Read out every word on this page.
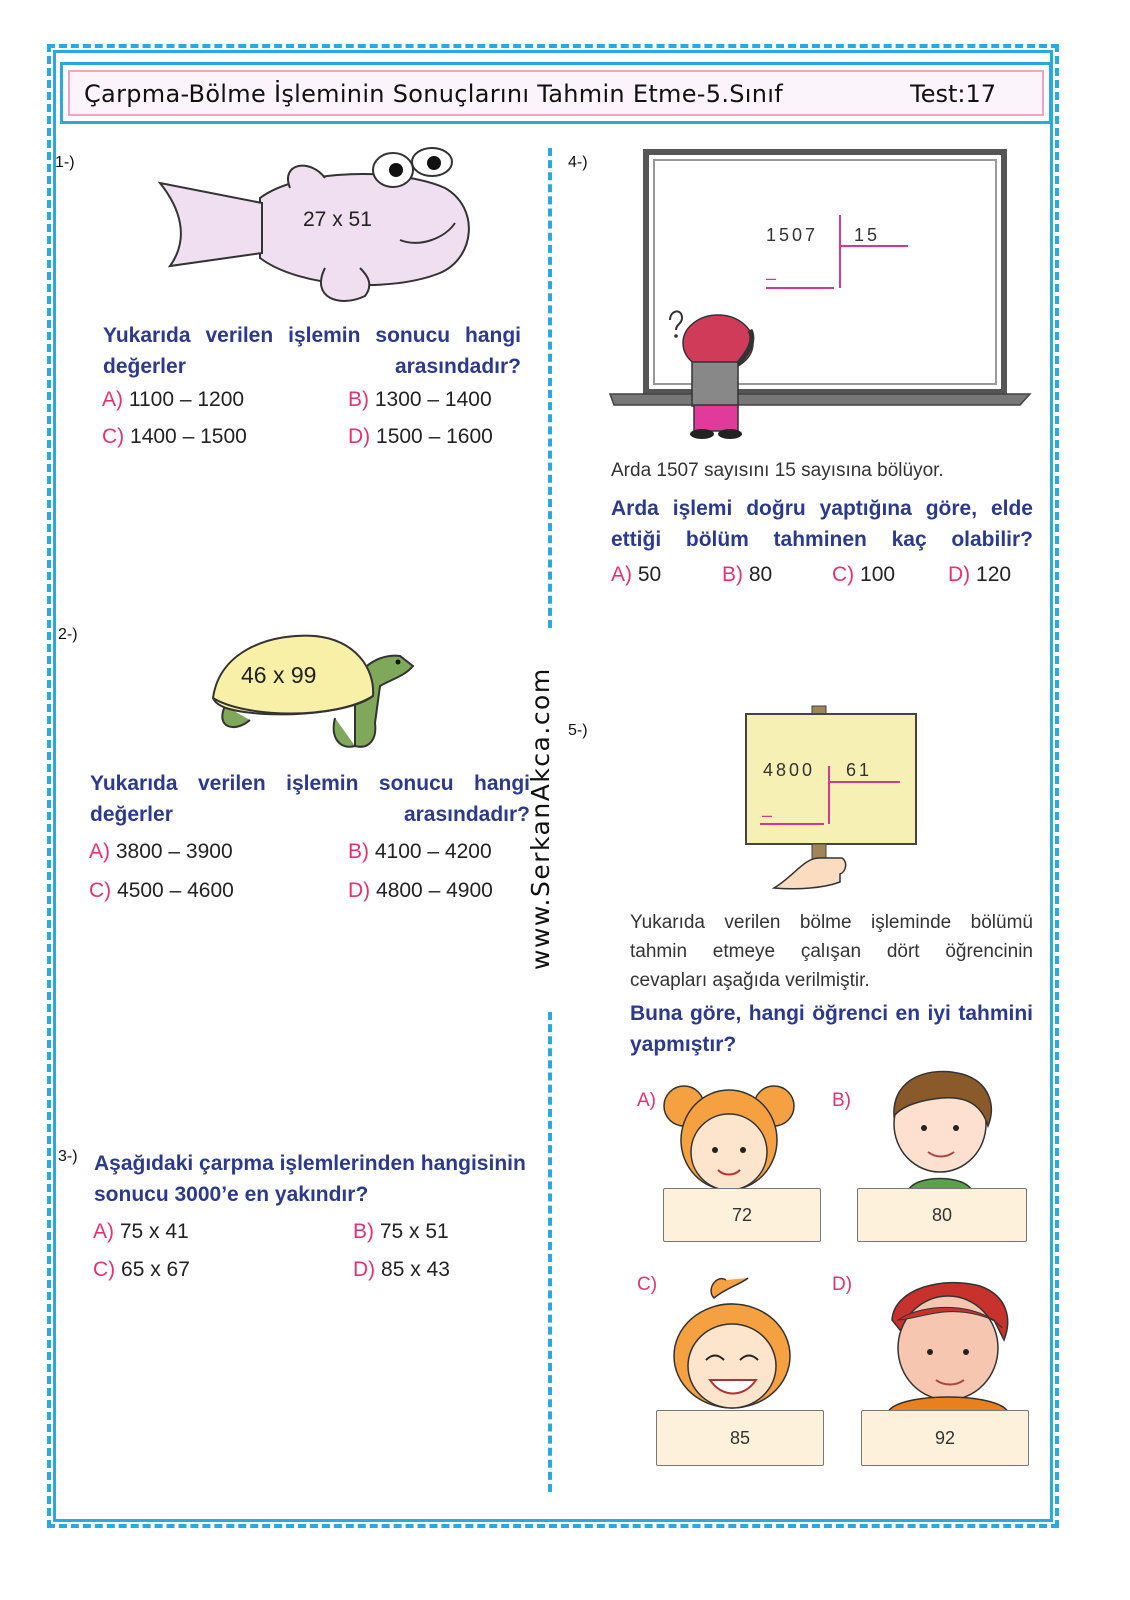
Çarpma-Bölme İşleminin Sonuçlarını Tahmin Etme-5.Sınıf	Test:17
www.SerkanAkca.com
1-)
27 x 51
Yukarıda verilen işlemin sonucu hangi değerler arasındadır?
A) 1100 – 1200	B) 1300 – 1400
C) 1400 – 1500	D) 1500 – 1600
2-)
46 x 99
Yukarıda verilen işlemin sonucu hangi değerler arasındadır?
A) 3800 – 3900	B) 4100 – 4200
C) 4500 – 4600	D) 4800 – 4900
3-) Aşağıdaki çarpma işlemlerinden hangisinin sonucu 3000’e en yakındır?
A) 75 x 41	B) 75 x 51
C) 65 x 67	D) 85 x 43
4-)
1507 15
–
Arda 1507 sayısını 15 sayısına bölüyor.
Arda işlemi doğru yaptığına göre, elde ettiği bölüm tahminen kaç olabilir?
A) 50	B) 80	C) 100	D) 120
5-)
4800 61
–
Yukarıda verilen bölme işleminde bölümü tahmin etmeye çalışan dört öğrencinin cevapları aşağıda verilmiştir.
Buna göre, hangi öğrenci en iyi tahmini yapmıştır?
A)
72
B)
80
C)
85
D)
92
